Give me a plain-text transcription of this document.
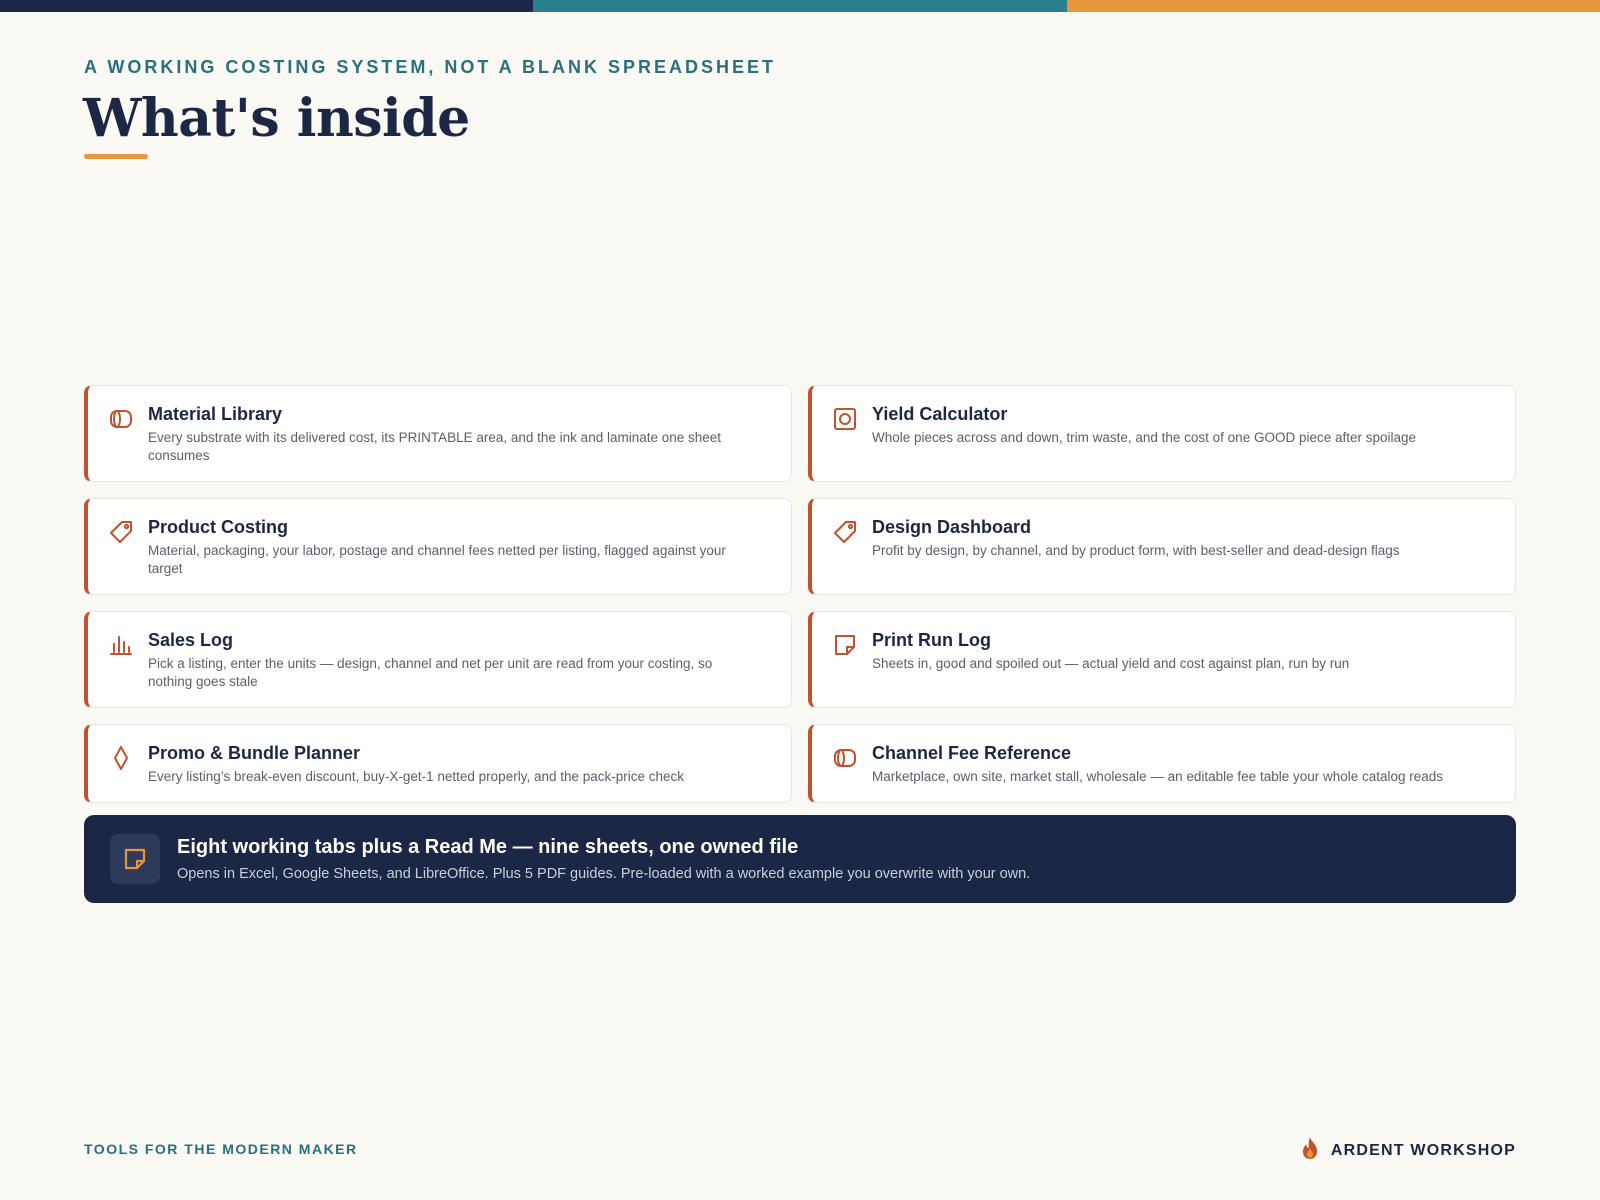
A WORKING COSTING SYSTEM, NOT A BLANK SPREADSHEET
What's inside
Material Library
Every substrate with its delivered cost, its PRINTABLE area, and the ink and laminate one sheet consumes
Yield Calculator
Whole pieces across and down, trim waste, and the cost of one GOOD piece after spoilage
Product Costing
Material, packaging, your labor, postage and channel fees netted per listing, flagged against your target
Design Dashboard
Profit by design, by channel, and by product form, with best-seller and dead-design flags
Sales Log
Pick a listing, enter the units — design, channel and net per unit are read from your costing, so nothing goes stale
Print Run Log
Sheets in, good and spoiled out — actual yield and cost against plan, run by run
Promo & Bundle Planner
Every listing’s break-even discount, buy-X-get-1 netted properly, and the pack-price check
Channel Fee Reference
Marketplace, own site, market stall, wholesale — an editable fee table your whole catalog reads
Eight working tabs plus a Read Me — nine sheets, one owned file
Opens in Excel, Google Sheets, and LibreOffice. Plus 5 PDF guides. Pre-loaded with a worked example you overwrite with your own.
TOOLS FOR THE MODERN MAKER	ARDENT WORKSHOP
